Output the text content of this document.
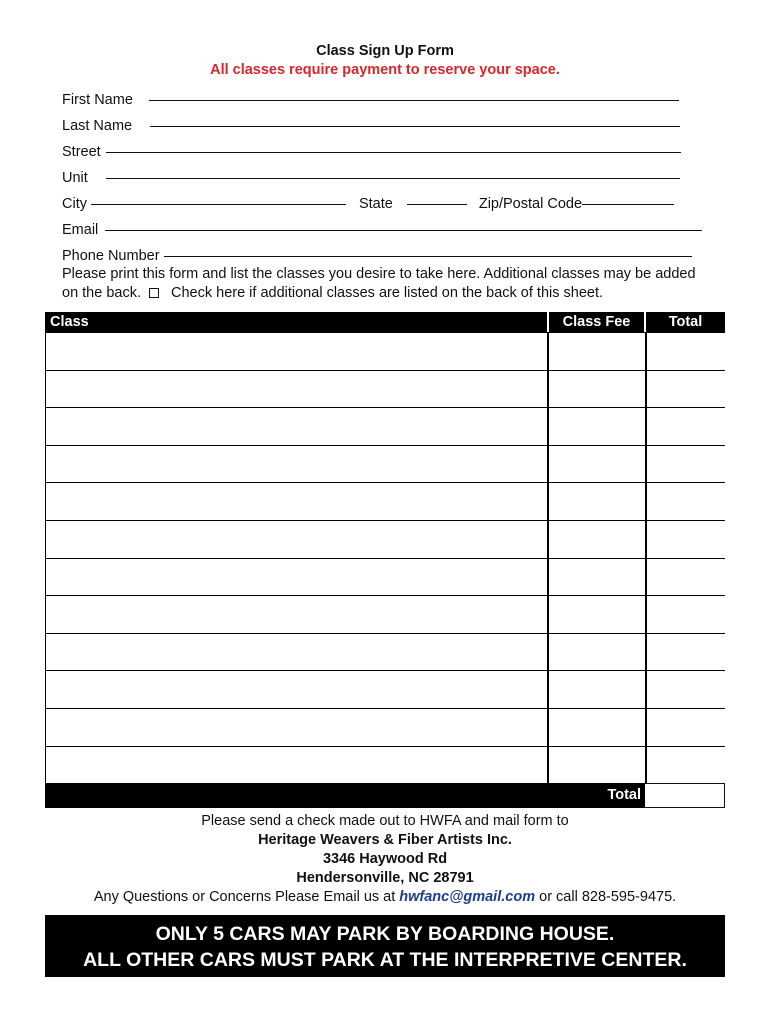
Class Sign Up Form
All classes require payment to reserve your space.
First Name
Last Name
Street
Unit
City	State	Zip/Postal Code
Email
Phone Number
Please print this form and list the classes you desire to take here. Additional classes may be added on the back. Check here if additional classes are listed on the back of this sheet.
Class	Class Fee	Total
Total
Please send a check made out to HWFA and mail form to
Heritage Weavers & Fiber Artists Inc.
3346 Haywood Rd
Hendersonville, NC 28791
Any Questions or Concerns Please Email us at hwfanc@gmail.com or call 828-595-9475.
ONLY 5 CARS MAY PARK BY BOARDING HOUSE.
ALL OTHER CARS MUST PARK AT THE INTERPRETIVE CENTER.
